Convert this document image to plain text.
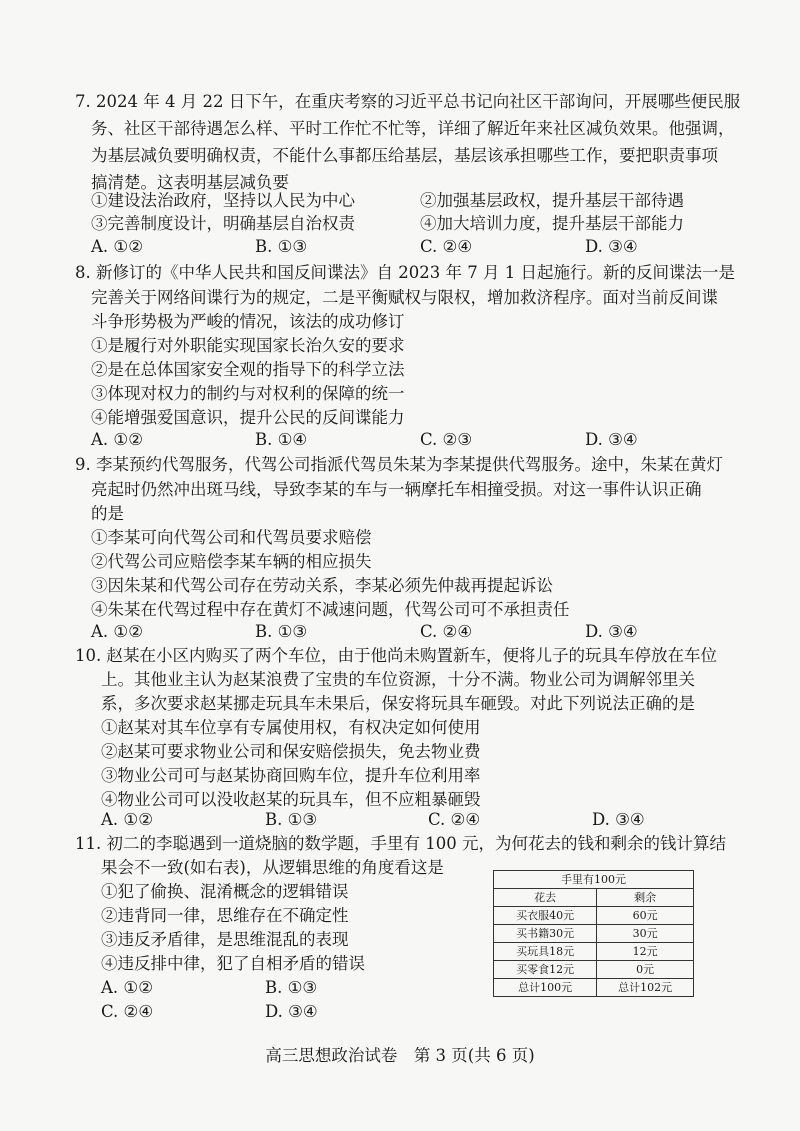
7. 2024 年 4 月 22 日下午，在重庆考察的习近平总书记向社区干部询问，开展哪些便民服
务、社区干部待遇怎么样、平时工作忙不忙等，详细了解近年来社区减负效果。他强调，
为基层减负要明确权责，不能什么事都压给基层，基层该承担哪些工作，要把职责事项
搞清楚。这表明基层减负要
①建设法治政府，坚持以人民为中心	②加强基层政权，提升基层干部待遇
③完善制度设计，明确基层自治权责	④加大培训力度，提升基层干部能力
A. ①②	B. ①③	C. ②④	D. ③④
8. 新修订的《中华人民共和国反间谍法》自 2023 年 7 月 1 日起施行。新的反间谍法一是
完善关于网络间谍行为的规定，二是平衡赋权与限权，增加救济程序。面对当前反间谍
斗争形势极为严峻的情况，该法的成功修订
①是履行对外职能实现国家长治久安的要求
②是在总体国家安全观的指导下的科学立法
③体现对权力的制约与对权利的保障的统一
④能增强爱国意识，提升公民的反间谍能力
A. ①②	B. ①④	C. ②③	D. ③④
9. 李某预约代驾服务，代驾公司指派代驾员朱某为李某提供代驾服务。途中，朱某在黄灯
亮起时仍然冲出斑马线，导致李某的车与一辆摩托车相撞受损。对这一事件认识正确
的是
①李某可向代驾公司和代驾员要求赔偿
②代驾公司应赔偿李某车辆的相应损失
③因朱某和代驾公司存在劳动关系，李某必须先仲裁再提起诉讼
④朱某在代驾过程中存在黄灯不减速问题，代驾公司可不承担责任
A. ①②	B. ①③	C. ②④	D. ③④
10. 赵某在小区内购买了两个车位，由于他尚未购置新车，便将儿子的玩具车停放在车位
上。其他业主认为赵某浪费了宝贵的车位资源，十分不满。物业公司为调解邻里关
系，多次要求赵某挪走玩具车未果后，保安将玩具车砸毁。对此下列说法正确的是
①赵某对其车位享有专属使用权，有权决定如何使用
②赵某可要求物业公司和保安赔偿损失，免去物业费
③物业公司可与赵某协商回购车位，提升车位利用率
④物业公司可以没收赵某的玩具车，但不应粗暴砸毁
A. ①②	B. ①③	C. ②④	D. ③④
11. 初二的李聪遇到一道烧脑的数学题，手里有 100 元，为何花去的钱和剩余的钱计算结
果会不一致(如右表)，从逻辑思维的角度看这是
①犯了偷换、混淆概念的逻辑错误
②违背同一律，思维存在不确定性
③违反矛盾律，是思维混乱的表现
④违反排中律，犯了自相矛盾的错误
A. ①②	B. ①③
C. ②④	D. ③④
手里有100元	
花去	剩余
买衣服40元	60元
买书籍30元	30元
买玩具18元	12元
买零食12元	0元
总计100元	总计102元
高三思想政治试卷　第 3 页(共 6 页)
